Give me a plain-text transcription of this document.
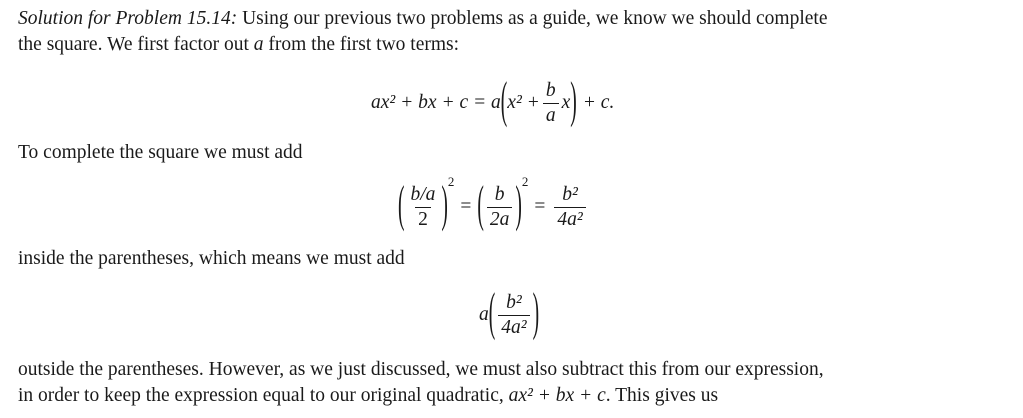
Solution for Problem 15.14: Using our previous two problems as a guide, we know we should complete
the square. We first factor out a from the first two terms:
ax² + bx + c = a ( $x^2 + \frac{b}{a}$ x ) + c.
To complete the square we must add
( $\frac{b/a}{2}$ ) 2
= ( $\frac{b}{2a}$ ) 2
= $\frac{\text{b²}}{\text{4a²}}$
inside the parentheses, which means we must add
a ( $\frac{\text{b²}}{\text{4a²}}$ )
outside the parentheses. However, as we just discussed, we must also subtract this from our expression,
in order to keep the expression equal to our original quadratic, ax² + bx + c. This gives us
